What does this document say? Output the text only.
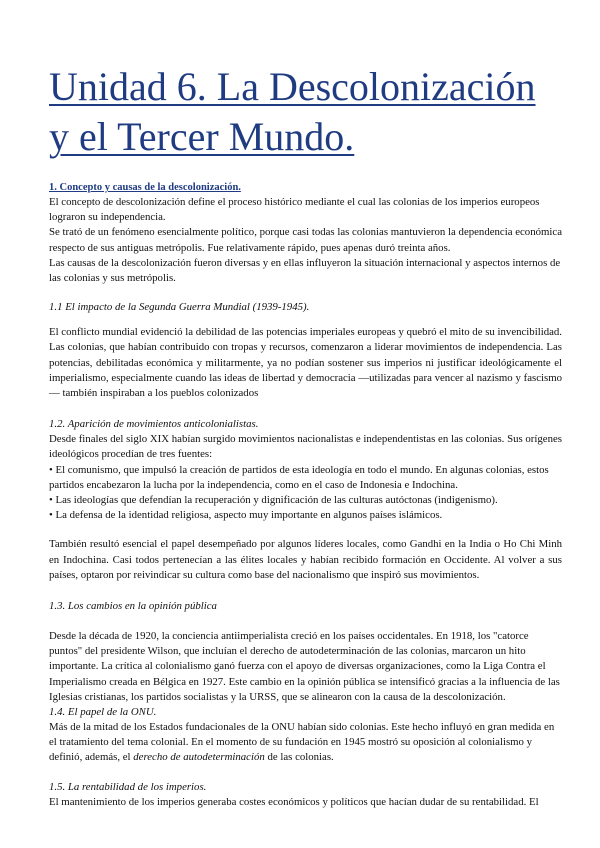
Unidad 6. La Descolonización y el Tercer Mundo.
1. Concepto y causas de la descolonización.

El concepto de descolonización define el proceso histórico mediante el cual las colonias de los imperios europeos lograron su independencia.

Se trató de un fenómeno esencialmente político, porque casi todas las colonias mantuvieron la dependencia económica respecto de sus antiguas metrópolis. Fue relativamente rápido, pues apenas duró treinta años.

Las causas de la descolonización fueron diversas y en ellas influyeron la situación internacional y aspectos internos de las colonias y sus metrópolis.

1.1 El impacto de la Segunda Guerra Mundial (1939-1945).

El conflicto mundial evidenció la debilidad de las potencias imperiales europeas y quebró el mito de su invencibilidad. Las colonias, que habían contribuido con tropas y recursos, comenzaron a liderar movimientos de independencia. Las potencias, debilitadas económica y militarmente, ya no podían sostener sus imperios ni justificar ideológicamente el imperialismo, especialmente cuando las ideas de libertad y democracia —utilizadas para vencer al nazismo y fascismo— también inspiraban a los pueblos colonizados

1.2. Aparición de movimientos anticolonialistas.

Desde finales del siglo XIX habían surgido movimientos nacionalistas e independentistas en las colonias. Sus orígenes ideológicos procedían de tres fuentes:

• El comunismo, que impulsó la creación de partidos de esta ideología en todo el mundo. En algunas colonias, estos partidos encabezaron la lucha por la independencia, como en el caso de Indonesia e Indochina.

• Las ideologías que defendían la recuperación y dignificación de las culturas autóctonas (indigenismo).

• La defensa de la identidad religiosa, aspecto muy importante en algunos países islámicos.

También resultó esencial el papel desempeñado por algunos líderes locales, como Gandhi en la India o Ho Chi Minh en Indochina. Casi todos pertenecían a las élites locales y habían recibido formación en Occidente. Al volver a sus países, optaron por reivindicar su cultura como base del nacionalismo que inspiró sus movimientos.

1.3. Los cambios en la opinión pública

Desde la década de 1920, la conciencia antiimperialista creció en los países occidentales. En 1918, los "catorce puntos" del presidente Wilson, que incluían el derecho de autodeterminación de las colonias, marcaron un hito importante. La crítica al colonialismo ganó fuerza con el apoyo de diversas organizaciones, como la Liga Contra el Imperialismo creada en Bélgica en 1927. Este cambio en la opinión pública se intensificó gracias a la influencia de las Iglesias cristianas, los partidos socialistas y la URSS, que se alinearon con la causa de la descolonización.

1.4. El papel de la ONU.

Más de la mitad de los Estados fundacionales de la ONU habían sido colonias. Este hecho influyó en gran medida en el tratamiento del tema colonial. En el momento de su fundación en 1945 mostró su oposición al colonialismo y definió, además, el derecho de autodeterminación de las colonias.

1.5. La rentabilidad de los imperios.

El mantenimiento de los imperios generaba costes económicos y políticos que hacían dudar de su rentabilidad. El
